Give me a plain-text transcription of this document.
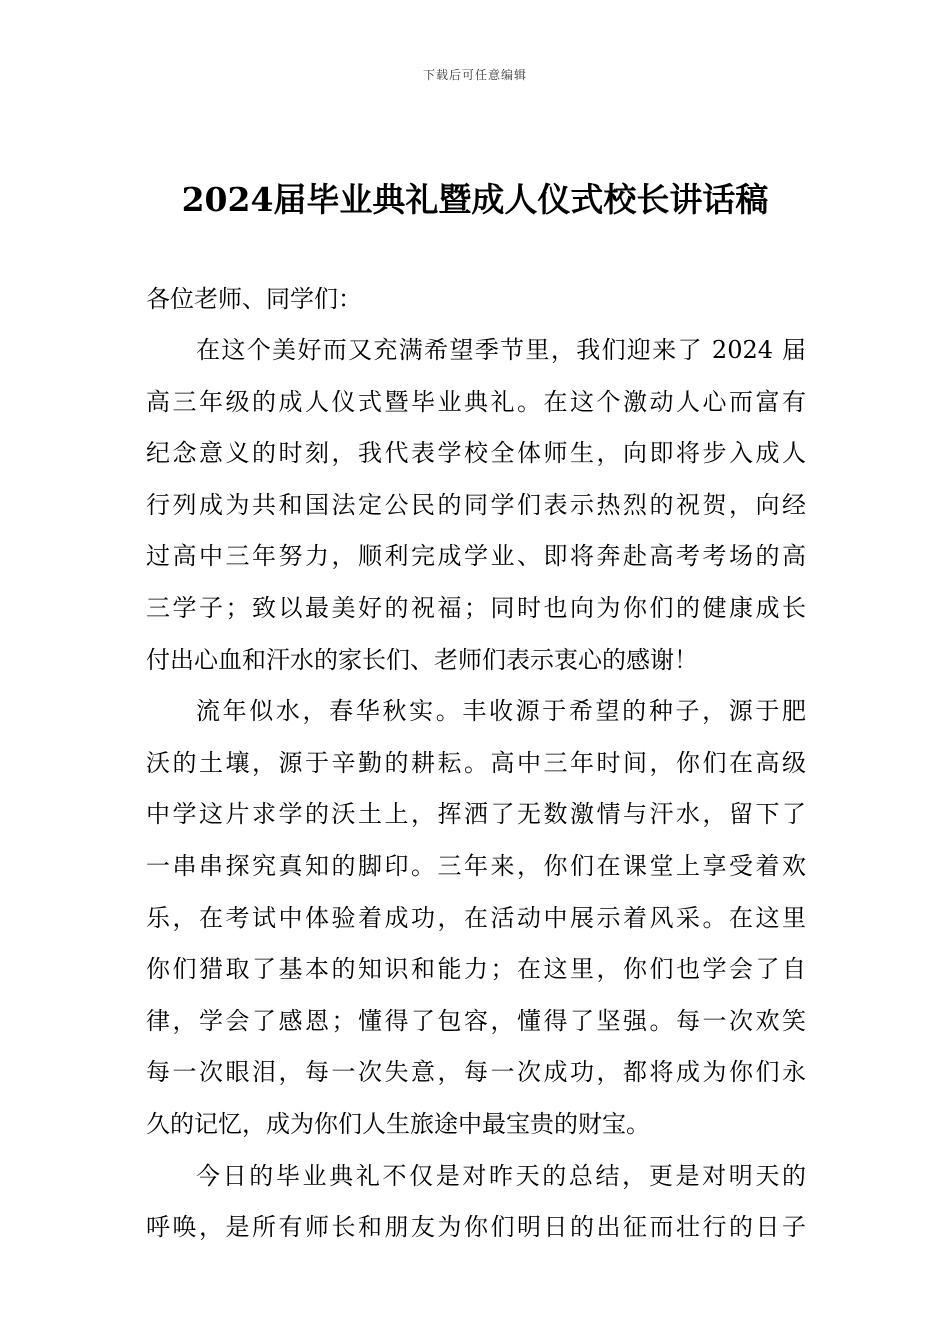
下载后可任意编辑
2024届毕业典礼暨成人仪式校长讲话稿

各位老师、同学们：

在这个美好而又充满希望季节里，我们迎来了 2024 届
高三年级的成人仪式暨毕业典礼。在这个激动人心而富有
纪念意义的时刻，我代表学校全体师生，向即将步入成人
行列成为共和国法定公民的同学们表示热烈的祝贺，向经
过高中三年努力，顺利完成学业、即将奔赴高考考场的高
三学子；致以最美好的祝福；同时也向为你们的健康成长
付出心血和汗水的家长们、老师们表示衷心的感谢！

流年似水，春华秋实。丰收源于希望的种子，源于肥
沃的土壤，源于辛勤的耕耘。高中三年时间，你们在高级
中学这片求学的沃土上，挥洒了无数激情与汗水，留下了
一串串探究真知的脚印。三年来，你们在课堂上享受着欢
乐，在考试中体验着成功，在活动中展示着风采。在这里
你们猎取了基本的知识和能力；在这里，你们也学会了自
律，学会了感恩；懂得了包容，懂得了坚强。每一次欢笑
每一次眼泪，每一次失意，每一次成功，都将成为你们永
久的记忆，成为你们人生旅途中最宝贵的财宝。

今日的毕业典礼不仅是对昨天的总结，更是对明天的
呼唤，是所有师长和朋友为你们明日的出征而壮行的日子
